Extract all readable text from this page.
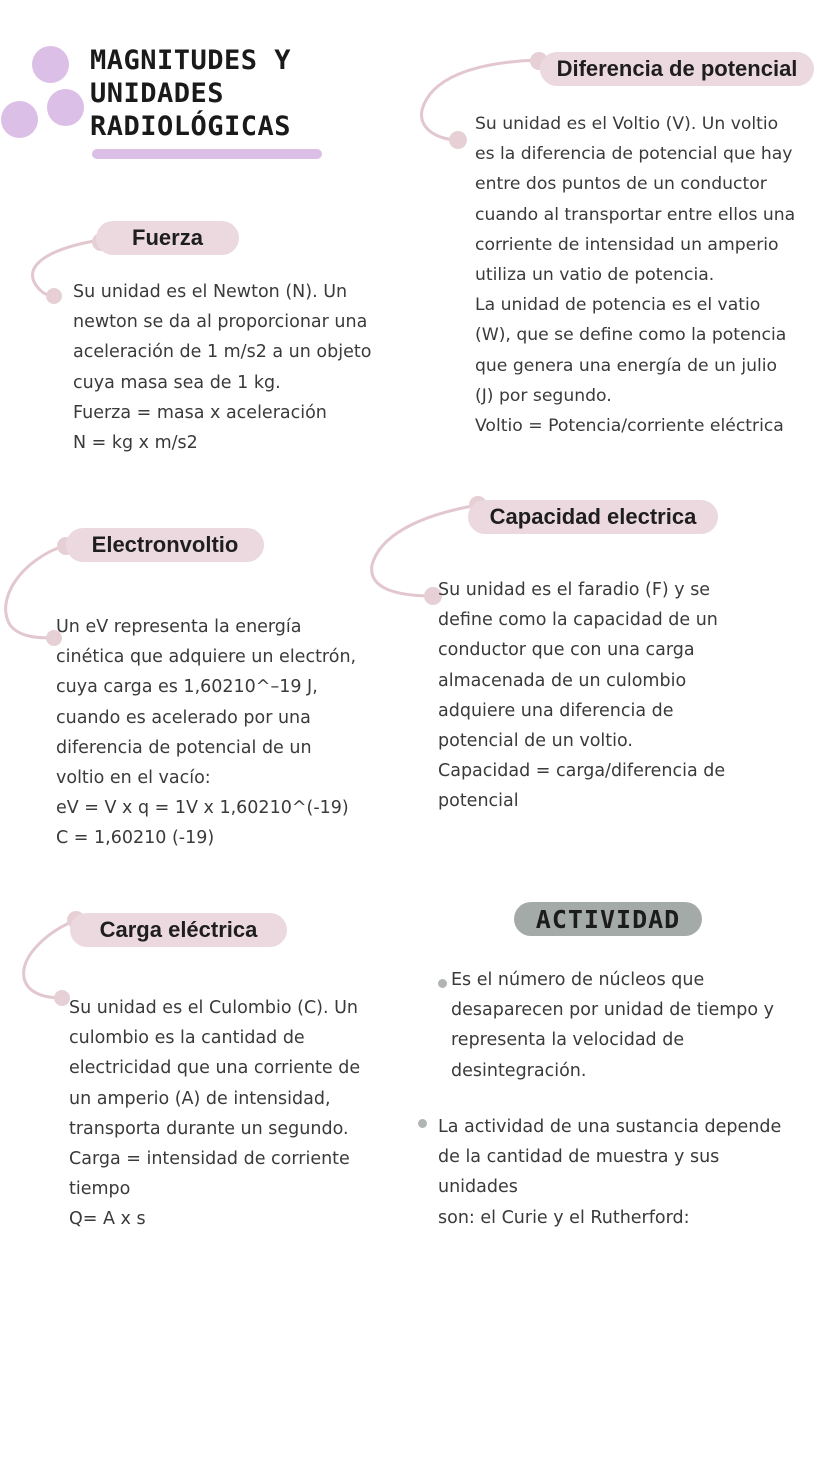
MAGNITUDES Y
UNIDADES
RADIOLÓGICAS
Fuerza
Su unidad es el Newton (N). Un
newton se da al proporcionar una
aceleración de 1 m/s2 a un objeto
cuya masa sea de 1 kg.
Fuerza = masa x aceleración
N = kg x m/s2
Diferencia de potencial
Su unidad es el Voltio (V). Un voltio
es la diferencia de potencial que hay
entre dos puntos de un conductor
cuando al transportar entre ellos una
corriente de intensidad un amperio
utiliza un vatio de potencia.
La unidad de potencia es el vatio
(W), que se define como la potencia
que genera una energía de un julio
(J) por segundo.
Voltio = Potencia/corriente eléctrica
Electronvoltio
Un eV representa la energía
cinética que adquiere un electrón,
cuya carga es 1,60210^–19 J,
cuando es acelerado por una
diferencia de potencial de un
voltio en el vacío:
eV = V x q = 1V x 1,60210^(-19)
C = 1,60210 (-19)
Capacidad electrica
Su unidad es el faradio (F) y se
define como la capacidad de un
conductor que con una carga
almacenada de un culombio
adquiere una diferencia de
potencial de un voltio.
Capacidad = carga/diferencia de
potencial
Carga eléctrica
Su unidad es el Culombio (C). Un
culombio es la cantidad de
electricidad que una corriente de
un amperio (A) de intensidad,
transporta durante un segundo.
Carga = intensidad de corriente
tiempo
Q= A x s
ACTIVIDAD
Es el número de núcleos que
desaparecen por unidad de tiempo y
representa la velocidad de
desintegración.
La actividad de una sustancia depende
de la cantidad de muestra y sus
unidades
son: el Curie y el Rutherford:
